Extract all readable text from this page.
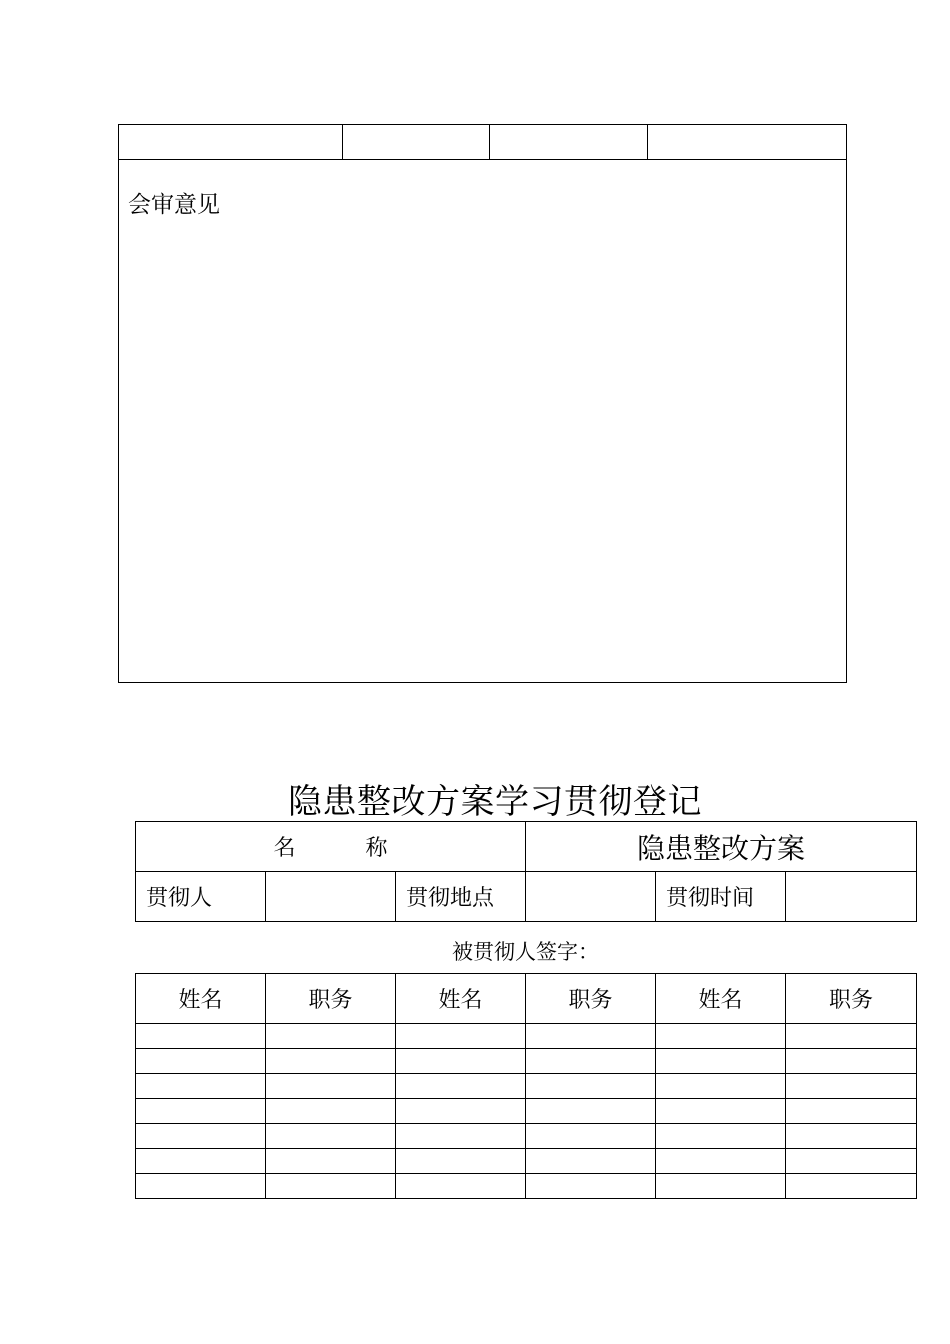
会审意见
隐患整改方案学习贯彻登记
名 称			隐患整改方案		
贯彻人		贯彻地点		贯彻时间	
被贯彻人签字：
姓名	职务	姓名	职务	姓名	职务
